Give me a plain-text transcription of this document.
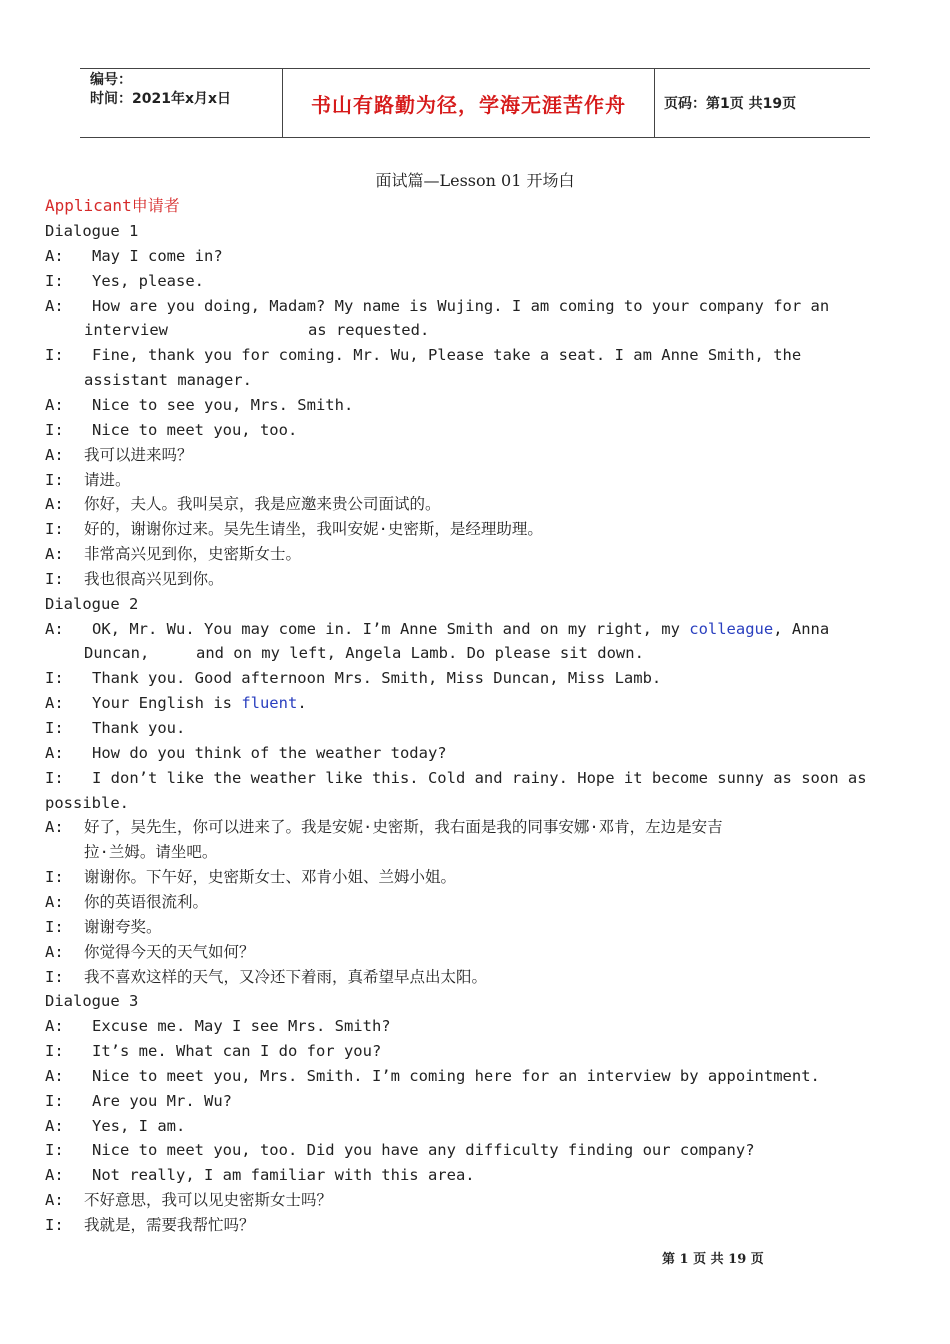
编号：
时间：2021年x月x日	书山有路勤为径，学海无涯苦作舟	页码：第1页 共19页
面试篇—Lesson 01 开场白
Applicant申请者
Dialogue 1
A:	May I come in?
I:	Yes, please.
A:	How are you doing, Madam? My name is Wujing. I am coming to your company for an
interview               as requested.
I:	Fine, thank you for coming. Mr. Wu, Please take a seat. I am Anne Smith, the
assistant manager.
A:	Nice to see you, Mrs. Smith.
I:	Nice to meet you, too.
A:	我可以进来吗？
I:	请进。
A:	你好，夫人。我叫吴京，我是应邀来贵公司面试的。
I:	好的，谢谢你过来。吴先生请坐，我叫安妮·史密斯，是经理助理。
A:	非常高兴见到你，史密斯女士。
I:	我也很高兴见到你。
Dialogue 2
A:	OK, Mr. Wu. You may come in. I’m Anne Smith and on my right, my colleague, Anna
Duncan,     and on my left, Angela Lamb. Do please sit down.
I:	Thank you. Good afternoon Mrs. Smith, Miss Duncan, Miss Lamb.
A:	Your English is fluent.
I:	Thank you.
A:	How do you think of the weather today?
I:	I don’t like the weather like this. Cold and rainy. Hope it become sunny as soon as
possible.
A:	好了，吴先生，你可以进来了。我是安妮·史密斯，我右面是我的同事安娜·邓肯，左边是安吉
拉·兰姆。请坐吧。
I:	谢谢你。下午好，史密斯女士、邓肯小姐、兰姆小姐。
A:	你的英语很流利。
I:	谢谢夸奖。
A:	你觉得今天的天气如何？
I:	我不喜欢这样的天气，又冷还下着雨，真希望早点出太阳。
Dialogue 3
A:	Excuse me. May I see Mrs. Smith?
I:	It’s me. What can I do for you?
A:	Nice to meet you, Mrs. Smith. I’m coming here for an interview by appointment.
I:	Are you Mr. Wu?
A:	Yes, I am.
I:	Nice to meet you, too. Did you have any difficulty finding our company?
A:	Not really, I am familiar with this area.
A:	不好意思，我可以见史密斯女士吗？
I:	我就是，需要我帮忙吗？
第 1 页 共 19 页
